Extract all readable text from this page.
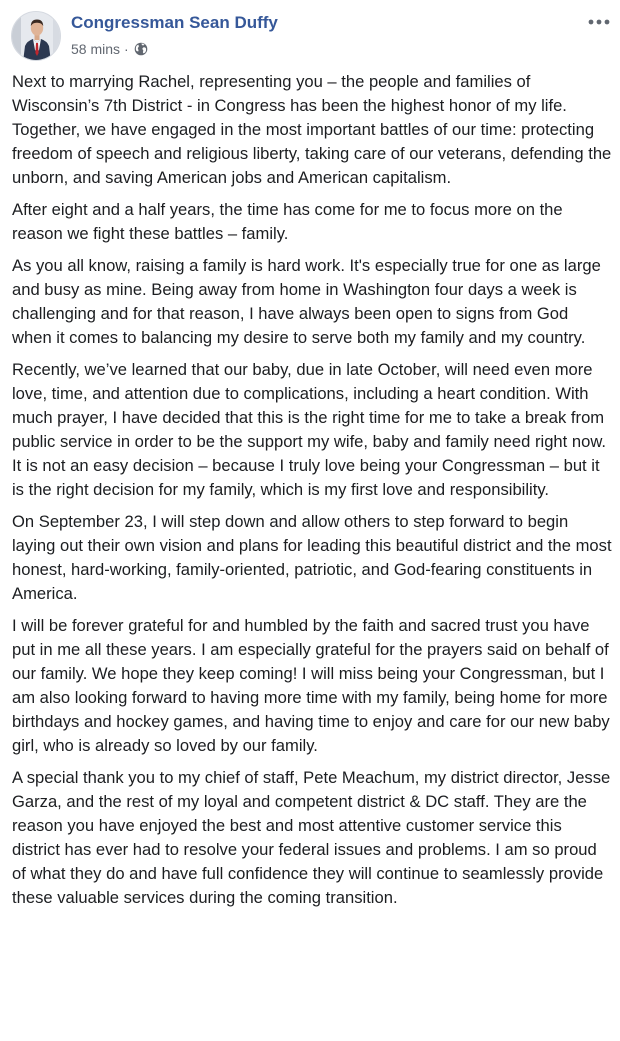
Congressman Sean Duffy
58 mins ·

Next to marrying Rachel, representing you – the people and families of Wisconsin’s 7th District - in Congress has been the highest honor of my life. Together, we have engaged in the most important battles of our time: protecting freedom of speech and religious liberty, taking care of our veterans, defending the unborn, and saving American jobs and American capitalism.

After eight and a half years, the time has come for me to focus more on the reason we fight these battles – family.

As you all know, raising a family is hard work. It's especially true for one as large and busy as mine. Being away from home in Washington four days a week is challenging and for that reason, I have always been open to signs from God when it comes to balancing my desire to serve both my family and my country.

Recently, we’ve learned that our baby, due in late October, will need even more love, time, and attention due to complications, including a heart condition. With much prayer, I have decided that this is the right time for me to take a break from public service in order to be the support my wife, baby and family need right now. It is not an easy decision – because I truly love being your Congressman – but it is the right decision for my family, which is my first love and responsibility.

On September 23, I will step down and allow others to step forward to begin laying out their own vision and plans for leading this beautiful district and the most honest, hard-working, family-oriented, patriotic, and God-fearing constituents in America.

I will be forever grateful for and humbled by the faith and sacred trust you have put in me all these years. I am especially grateful for the prayers said on behalf of our family. We hope they keep coming! I will miss being your Congressman, but I am also looking forward to having more time with my family, being home for more birthdays and hockey games, and having time to enjoy and care for our new baby girl, who is already so loved by our family.

A special thank you to my chief of staff, Pete Meachum, my district director, Jesse Garza, and the rest of my loyal and competent district & DC staff. They are the reason you have enjoyed the best and most attentive customer service this district has ever had to resolve your federal issues and problems. I am so proud of what they do and have full confidence they will continue to seamlessly provide these valuable services during the coming transition.
